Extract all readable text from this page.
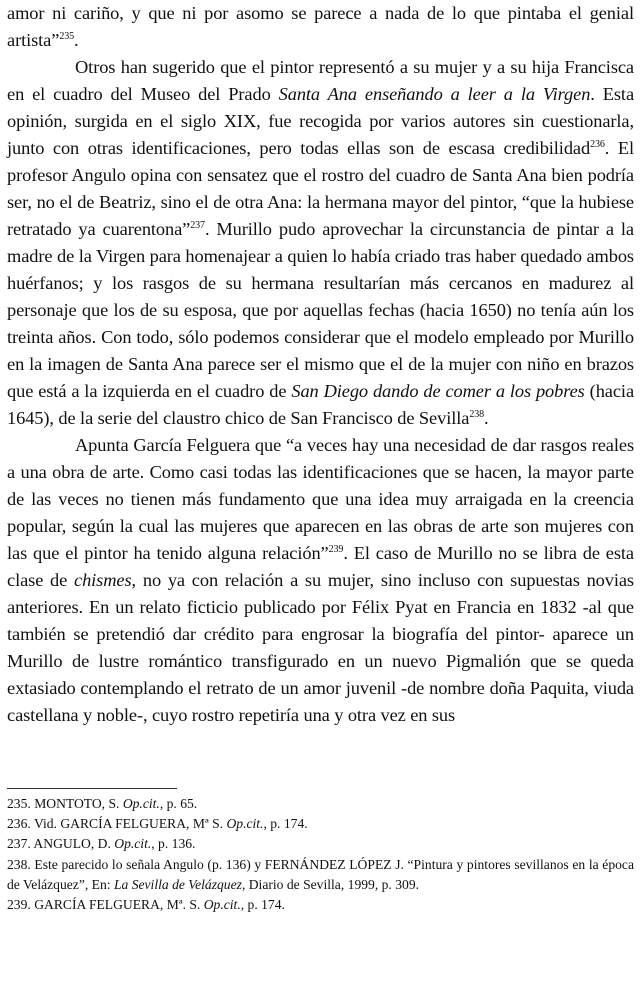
amor ni cariño, y que ni por asomo se parece a nada de lo que pintaba el genial artista”$^{235}$.

Otros han sugerido que el pintor representó a su mujer y a su hija Francisca en el cuadro del Museo del Prado Santa Ana enseñando a leer a la Virgen. Esta opinión, surgida en el siglo XIX, fue recogida por varios autores sin cuestionarla, junto con otras identificaciones, pero todas ellas son de escasa credibilidad$^{236}$. El profesor Angulo opina con sensatez que el rostro del cuadro de Santa Ana bien podría ser, no el de Beatriz, sino el de otra Ana: la hermana mayor del pintor, “que la hubiese retratado ya cuarentona”$^{237}$. Murillo pudo aprovechar la circunstancia de pintar a la madre de la Virgen para homenajear a quien lo había criado tras haber quedado ambos huérfanos; y los rasgos de su hermana resultarían más cercanos en madurez al personaje que los de su esposa, que por aquellas fechas (hacia 1650) no tenía aún los treinta años. Con todo, sólo podemos considerar que el modelo empleado por Murillo en la imagen de Santa Ana parece ser el mismo que el de la mujer con niño en brazos que está a la izquierda en el cuadro de San Diego dando de comer a los pobres (hacia 1645), de la serie del claustro chico de San Francisco de Sevilla$^{238}$.

Apunta García Felguera que “a veces hay una necesidad de dar rasgos reales a una obra de arte. Como casi todas las identificaciones que se hacen, la mayor parte de las veces no tienen más fundamento que una idea muy arraigada en la creencia popular, según la cual las mujeres que aparecen en las obras de arte son mujeres con las que el pintor ha tenido alguna relación”$^{239}$. El caso de Murillo no se libra de esta clase de chismes, no ya con relación a su mujer, sino incluso con supuestas novias anteriores. En un relato ficticio publicado por Félix Pyat en Francia en 1832 -al que también se pretendió dar crédito para engrosar la biografía del pintor- aparece un Murillo de lustre romántico transfigurado en un nuevo Pigmalión que se queda extasiado contemplando el retrato de un amor juvenil -de nombre doña Paquita, viuda castellana y noble-, cuyo rostro repetiría una y otra vez en sus

235. MONTOTO, S. Op.cit., p. 65.

236. Vid. GARCÍA FELGUERA, Mª S. Op.cit., p. 174.

237. ANGULO, D. Op.cit., p. 136.

238. Este parecido lo señala Angulo (p. 136) y FERNÁNDEZ LÓPEZ J. “Pintura y pintores sevillanos en la época de Velázquez”, En: La Sevilla de Velázquez, Diario de Sevilla, 1999, p. 309.

239. GARCÍA FELGUERA, Mª. S. Op.cit., p. 174.
